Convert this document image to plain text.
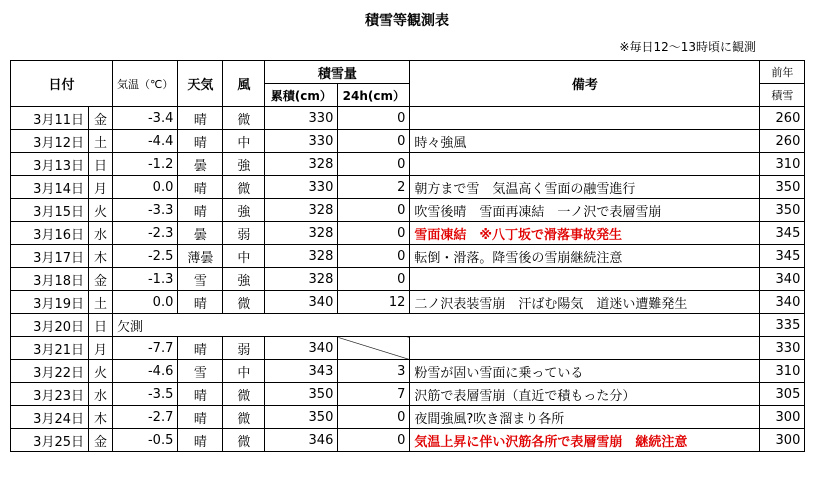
積雪等観測表
※毎日12～13時頃に観測
日付		気温（℃）	天気	風	積雪量		備考	前年
					累積(cm）	24h(cm）		積雪
3月11日	金	-3.4	晴	微	330	0		260
3月12日	土	-4.4	晴	中	330	0	時々強風	260
3月13日	日	-1.2	曇	強	328	0		310
3月14日	月	0.0	晴	微	330	2	朝方まで雪　気温高く雪面の融雪進行	350
3月15日	火	-3.3	晴	強	328	0	吹雪後晴　雪面再凍結　一ノ沢で表層雪崩	350
3月16日	水	-2.3	曇	弱	328	0	雪面凍結　※八丁坂で滑落事故発生	345
3月17日	木	-2.5	薄曇	中	328	0	転倒・滑落。降雪後の雪崩継続注意	345
3月18日	金	-1.3	雪	強	328	0		340
3月19日	土	0.0	晴	微	340	12	二ノ沢表装雪崩　汗ばむ陽気　道迷い遭難発生	340
3月20日	日	欠測						335
3月21日	月	-7.7	晴	弱	340			330
3月22日	火	-4.6	雪	中	343	3	粉雪が固い雪面に乗っている	310
3月23日	水	-3.5	晴	微	350	7	沢筋で表層雪崩（直近で積もった分）	305
3月24日	木	-2.7	晴	微	350	0	夜間強風?吹き溜まり各所	300
3月25日	金	-0.5	晴	微	346	0	気温上昇に伴い沢筋各所で表層雪崩　継続注意	300
